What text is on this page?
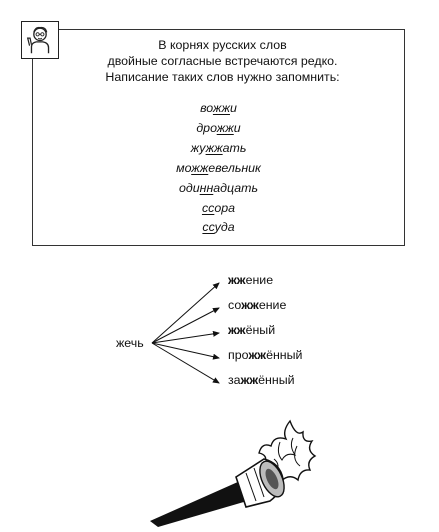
В корнях русских слов
двойные согласные встречаются редко.
Написание таких слов нужно запомнить:
вожжи
дрожжи
жужжать
можжевельник
одиннадцать
ссора
ссуда
жечь
жжение
сожжение
жжёный
прожжённый
зажжённый
